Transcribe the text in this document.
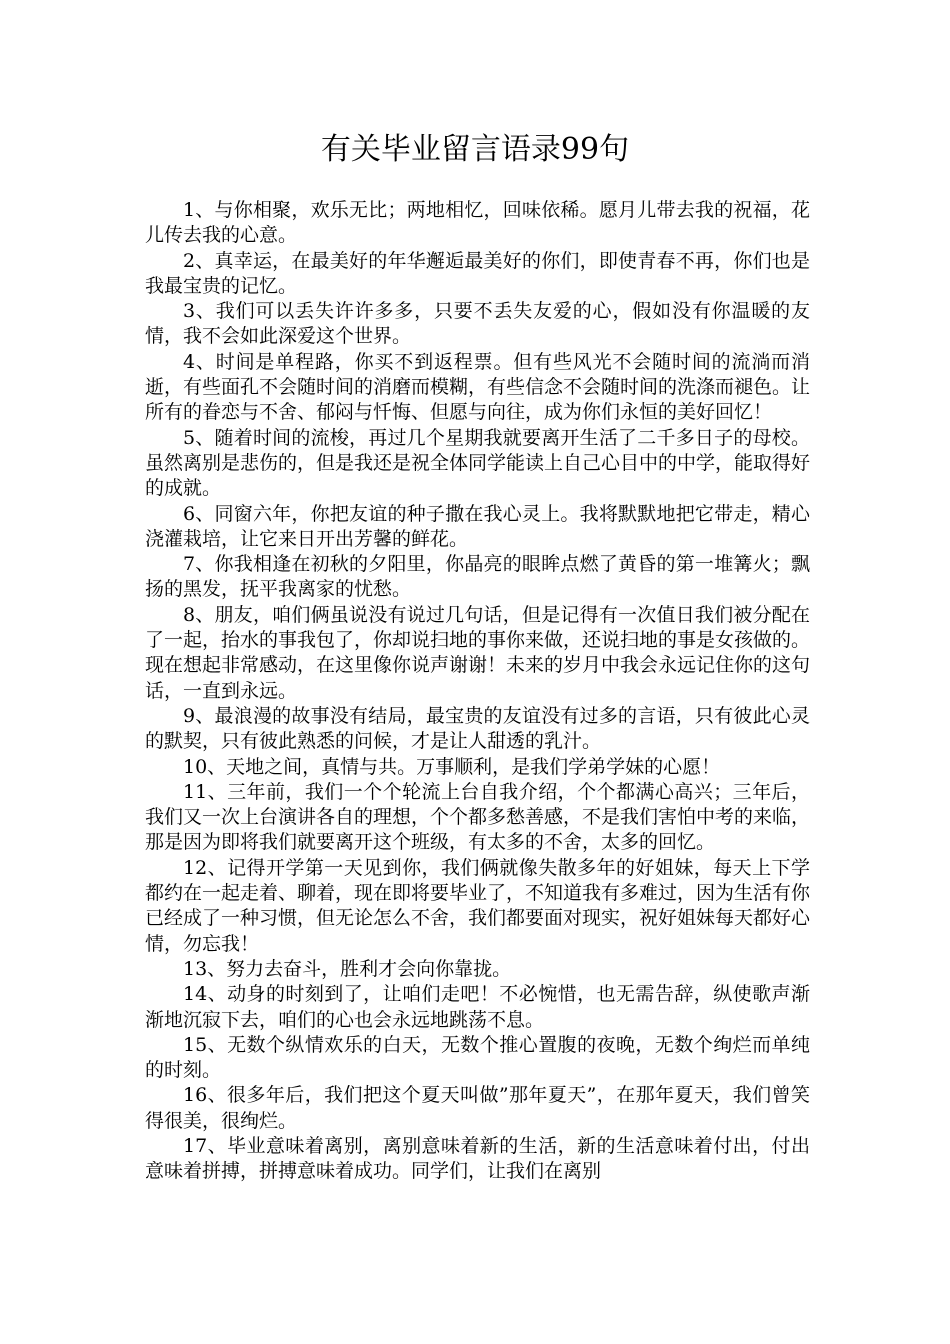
有关毕业留言语录99句

1、与你相聚，欢乐无比；两地相忆，回味依稀。愿月儿带去我的祝福，花儿传去我的心意。

2、真幸运，在最美好的年华邂逅最美好的你们，即使青春不再，你们也是我最宝贵的记忆。

3、我们可以丢失许许多多，只要不丢失友爱的心，假如没有你温暖的友情，我不会如此深爱这个世界。

4、时间是单程路，你买不到返程票。但有些风光不会随时间的流淌而消逝，有些面孔不会随时间的消磨而模糊，有些信念不会随时间的洗涤而褪色。让所有的眷恋与不舍、郁闷与忏悔、但愿与向往，成为你们永恒的美好回忆！

5、随着时间的流梭，再过几个星期我就要离开生活了二千多日子的母校。虽然离别是悲伤的，但是我还是祝全体同学能读上自己心目中的中学，能取得好的成就。

6、同窗六年，你把友谊的种子撒在我心灵上。我将默默地把它带走，精心浇灌栽培，让它来日开出芳馨的鲜花。

7、你我相逢在初秋的夕阳里，你晶亮的眼眸点燃了黄昏的第一堆篝火；飘扬的黑发，抚平我离家的忧愁。

8、朋友，咱们俩虽说没有说过几句话，但是记得有一次值日我们被分配在了一起，抬水的事我包了，你却说扫地的事你来做，还说扫地的事是女孩做的。现在想起非常感动，在这里像你说声谢谢！未来的岁月中我会永远记住你的这句话，一直到永远。

9、最浪漫的故事没有结局，最宝贵的友谊没有过多的言语，只有彼此心灵的默契，只有彼此熟悉的问候，才是让人甜透的乳汁。

10、天地之间，真情与共。万事顺利，是我们学弟学妹的心愿！

11、三年前，我们一个个轮流上台自我介绍，个个都满心高兴；三年后，我们又一次上台演讲各自的理想，个个都多愁善感，不是我们害怕中考的来临，那是因为即将我们就要离开这个班级，有太多的不舍，太多的回忆。

12、记得开学第一天见到你，我们俩就像失散多年的好姐妹，每天上下学都约在一起走着、聊着，现在即将要毕业了，不知道我有多难过，因为生活有你已经成了一种习惯，但无论怎么不舍，我们都要面对现实，祝好姐妹每天都好心情，勿忘我！

13、努力去奋斗，胜利才会向你靠拢。

14、动身的时刻到了，让咱们走吧！不必惋惜，也无需告辞，纵使歌声渐渐地沉寂下去，咱们的心也会永远地跳荡不息。

15、无数个纵情欢乐的白天，无数个推心置腹的夜晚，无数个绚烂而单纯的时刻。

16、很多年后，我们把这个夏天叫做”那年夏天”，在那年夏天，我们曾笑得很美，很绚烂。

17、毕业意味着离别，离别意味着新的生活，新的生活意味着付出，付出意味着拼搏，拼搏意味着成功。同学们，让我们在离别
